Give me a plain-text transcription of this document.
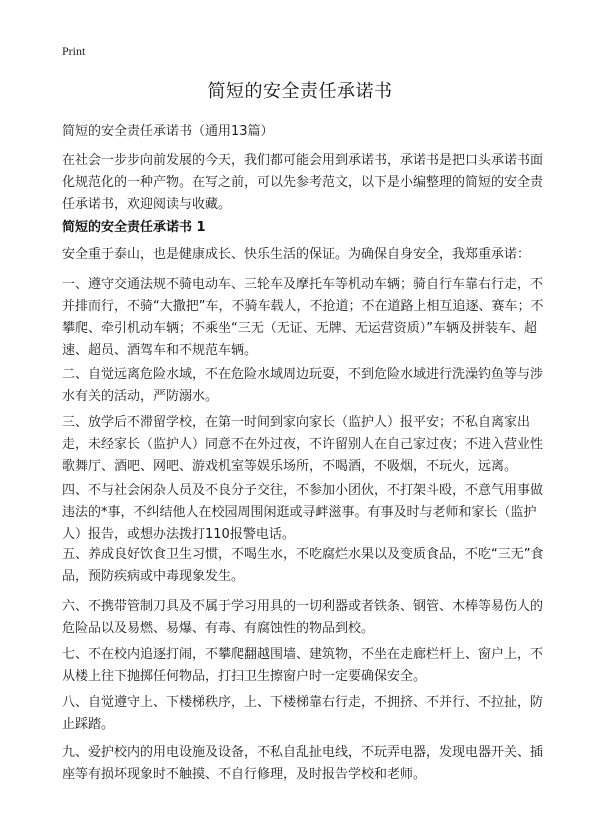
Print
简短的安全责任承诺书
简短的安全责任承诺书（通用13篇）

在社会一步步向前发展的今天，我们都可能会用到承诺书，承诺书是把口头承诺书面化规范化的一种产物。在写之前，可以先参考范文，以下是小编整理的简短的安全责任承诺书，欢迎阅读与收藏。

简短的安全责任承诺书 1

安全重于泰山，也是健康成长、快乐生活的保证。为确保自身安全，我郑重承诺：

一、遵守交通法规不骑电动车、三轮车及摩托车等机动车辆；骑自行车靠右行走，不并排而行，不骑“大撒把”车，不骑车载人，不抢道；不在道路上相互追逐、赛车；不攀爬、牵引机动车辆；不乘坐“三无（无证、无牌、无运营资质）”车辆及拼装车、超速、超员、酒驾车和不规范车辆。

二、自觉远离危险水域，不在危险水域周边玩耍，不到危险水域进行洗澡钓鱼等与涉水有关的活动，严防溺水。

三、放学后不滞留学校，在第一时间到家向家长（监护人）报平安；不私自离家出走，未经家长（监护人）同意不在外过夜，不许留别人在自己家过夜；不进入营业性歌舞厅、酒吧、网吧、游戏机室等娱乐场所，不喝酒，不吸烟，不玩火，远离。

四、不与社会闲杂人员及不良分子交往，不参加小团伙，不打架斗殴，不意气用事做违法的*事，不纠结他人在校园周围闲逛或寻衅滋事。有事及时与老师和家长（监护人）报告，或想办法拨打110报警电话。

五、养成良好饮食卫生习惯，不喝生水，不吃腐烂水果以及变质食品，不吃“三无”食品，预防疾病或中毒现象发生。

六、不携带管制刀具及不属于学习用具的一切利器或者铁条、钢管、木棒等易伤人的危险品以及易燃、易爆、有毒、有腐蚀性的物品到校。

七、不在校内追逐打闹，不攀爬翻越围墙、建筑物，不坐在走廊栏杆上、窗户上，不从楼上往下抛掷任何物品，打扫卫生擦窗户时一定要确保安全。

八、自觉遵守上、下楼梯秩序，上、下楼梯靠右行走，不拥挤、不并行、不拉扯，防止踩踏。

九、爱护校内的用电设施及设备，不私自乱扯电线，不玩弄电器，发现电器开关、插座等有损坏现象时不触摸、不自行修理，及时报告学校和老师。
